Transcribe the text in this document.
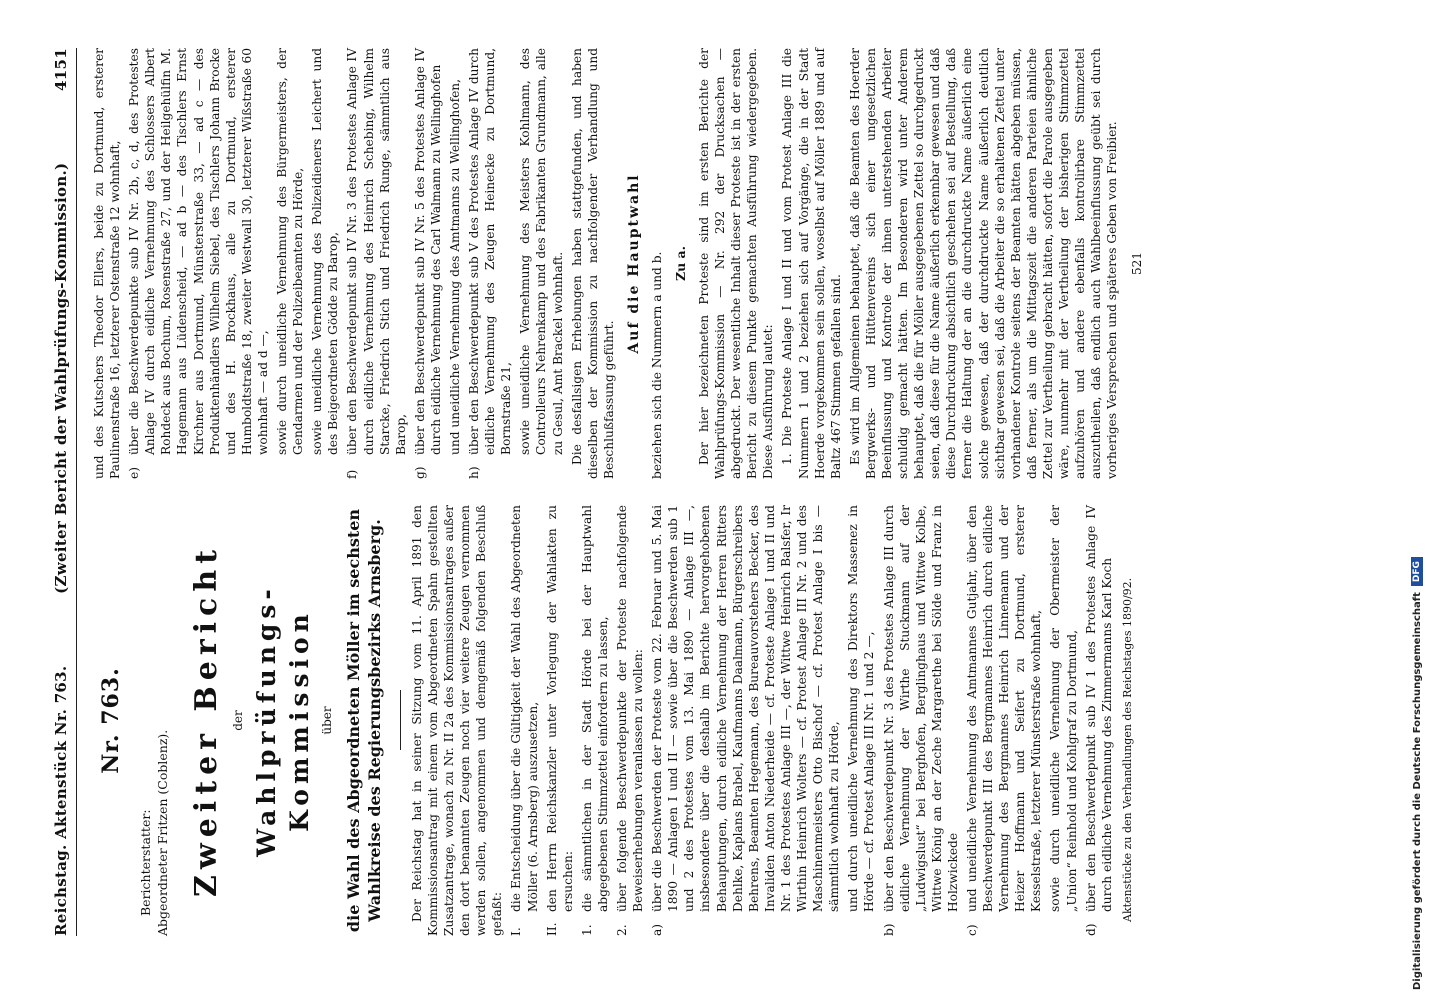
Reichstag. Aktenstück Nr. 763.
(Zweiter Bericht der Wahlprüfungs-Kommission.)
4151
Nr. 763.
Berichterstatter: Abgeordneter Fritzen (Coblenz). Zweiter Bericht der Wahlprüfungs-Kommission über die Wahl des Abgeordneten Möller im sechsten Wahlkreise des Regierungsbezirks Arnsberg. Der Reichstag hat in seiner Sitzung vom 11. April 1891 den Kommissionsantrag mit einem vom Abgeordneten Spahn gestellten Zusatzantrage, wonach zu Nr. II 2a des Kommissionsantrages außer den dort benannten Zeugen noch vier weitere Zeugen vernommen werden sollen, angenommen und demgemäß folgenden Beschluß gefaßt: I.
die Entscheidung über die Gültigkeit der Wahl des Abgeordneten Möller (6. Arnsberg) auszusetzen,
II.
den Herrn Reichskanzler unter Vorlegung der Wahlakten zu ersuchen:
1.
die sämmtlichen in der Stadt Hörde bei der Hauptwahl abgegebenen Stimmzettel einfordern zu lassen,
2.
über folgende Beschwerdepunkte der Proteste nachfolgende Beweiserhebungen veranlassen zu wollen:
a)
über die Beschwerden der Proteste vom 22. Februar und 5. Mai 1890 — Anlagen I und II — sowie über die Beschwerden sub 1 und 2 des Protestes vom 13. Mai 1890 — Anlage III —, insbesondere über die deshalb im Berichte hervorgehobenen Behauptungen, durch eidliche Vernehmung der Herren Ritters Dehlke, Kaplans Brabel, Kaufmanns Daalmann, Bürgerschreibers Behrens, Beamten Hegemann, des Bureauvorstehers Becker, des Invaliden Anton Niederheide — cf. Proteste Anlage I und II und Nr. 1 des Protestes Anlage III —, der Wittwe Heinrich Balsfer, Ir Wirthin Heinrich Wolters — cf. Protest Anlage III Nr. 2 und des Maschinenmeisters Otto Bischof — cf. Protest Anlage I bis — sämmtlich wohnhaft zu Hörde, und durch uneidliche Vernehmung des Direktors Massenez in Hörde — cf. Protest Anlage III Nr. 1 und 2 —,
b)
über den Beschwerdepunkt Nr. 3 des Protestes Anlage III durch eidliche Vernehmung der Wirthe Stuckmann auf der „Ludwigslust“ bei Berghofen, Berglinghaus und Wittwe Kolbe, Wittwe König an der Zeche Margarethe bei Sölde und Franz in Holzwickede
c)
und uneidliche Vernehmung des Amtmannes Gutjahr, über den Beschwerdepunkt III des Bergmannes Heinrich durch eidliche Vernehmung des Bergmannes Heinrich Linnemann und der Heizer Hoffmann und Seifert zu Dortmund, ersterer Kesselstraße, letzterer Münsterstraße wohnhaft, sowie durch uneidliche Vernehmung der Obermeister der „Union“ Reinhold und Kohlgraf zu Dortmund,
d)
über den Beschwerdepunkt sub IV 1 des Protestes Anlage IV durch eidliche Vernehmung des Zimmermanns Karl Koch Aktenstücke zu den Verhandlungen des Reichstages 1890/92.

und des Kutschers Theodor Ellers, beide zu Dortmund, ersterer Paulinenstraße 16, letzterer Ostenstraße 12 wohnhaft, e)
über die Beschwerdepunkte sub IV Nr. 2b, c, d, des Protestes Anlage IV durch eidliche Vernehmung des Schlossers Albert Rohdeck aus Bochum, Rosenstraße 27, und der Heilgehülfin M. Hagemann aus Lüdenscheid, — ad b — des Tischlers Ernst Kirchner aus Dortmund, Münsterstraße 33, — ad c — des Produktenhändlers Wilhelm Siebel, des Tischlers Johann Brocke und des H. Brockhaus, alle zu Dortmund, ersterer Humboldtstraße 18, zweiter Westwall 30, letzterer Wißstraße 60 wohnhaft — ad d —, sowie durch uneidliche Vernehmung des Bürgermeisters, der Gendarmen und der Polizeibeamten zu Hörde, sowie uneidliche Vernehmung des Polizeidieners Leichert und des Beigeordneten Gödde zu Barop,
f)
über den Beschwerdepunkt sub IV Nr. 3 des Protestes Anlage IV durch eidliche Vernehmung des Heinrich Schebing, Wilhelm Starcke, Friedrich Stich und Friedrich Runge, sämmtlich aus Barop,
g)
über den Beschwerdepunkt sub IV Nr. 5 des Protestes Anlage IV durch eidliche Vernehmung des Carl Walmann zu Wellinghofen und uneidliche Vernehmung des Amtmanns zu Wellinghofen,
h)
über den Beschwerdepunkt sub V des Protestes Anlage IV durch eidliche Vernehmung des Zeugen Heinecke zu Dortmund, Bornstraße 21, sowie uneidliche Vernehmung des Meisters Kohlmann, des Controlleurs Nehrenkamp und des Fabrikanten Grundmann, alle zu Gesul, Amt Brackel wohnhaft. Die desfallsigen Erhebungen haben stattgefunden, und haben dieselben der Kommission zu nachfolgender Verhandlung und Beschlußfassung geführt.

Auf die Hauptwahl beziehen sich die Nummern a und b. Zu a. Der hier bezeichneten Proteste sind im ersten Berichte der Wahlprüfungs-Kommission — Nr. 292 der Drucksachen — abgedruckt. Der wesentliche Inhalt dieser Proteste ist in der ersten Bericht zu diesem Punkte gemachten Ausführung wiedergegeben. Diese Ausführung lautet: 1. Die Proteste Anlage I und II und vom Protest Anlage III die Nummern 1 und 2 beziehen sich auf Vorgänge, die in der Stadt Hoerde vorgekommen sein sollen, woselbst auf Möller 1889 und auf Baltz 467 Stimmen gefallen sind. Es wird im Allgemeinen behauptet, daß die Beamten des Hoerder Bergwerks- und Hüttenvereins sich einer ungesetzlichen Beeinflussung und Kontrole der ihnen unterstehenden Arbeiter schuldig gemacht hätten. Im Besonderen wird unter Anderem behauptet, daß die für Möller ausgegebenen Zettel so durchgedruckt seien, daß diese für die Name äußerlich erkennbar gewesen und daß diese Durchdruckung absichtlich geschehen sei auf Bestellung, daß ferner die Haltung der an die durchdruckte Name äußerlich eine solche gewesen, daß der durchdruckte Name äußerlich deutlich sichtbar gewesen sei, daß die Arbeiter die so erhaltenen Zettel unter vorhandener Kontrole seitens der Beamten hätten abgeben müssen, daß ferner, als um die Mittagszeit die anderen Parteien ähnliche Zettel zur Vertheilung gebracht hätten, sofort die Parole ausgegeben wäre, nunmehr mit der Vertheilung der bisherigen Stimmzettel aufzuhören und andere ebenfalls kontrolirbare Stimmzettel auszutheilen, daß endlich auch Wahlbeeinflussung geübt sei durch vorheriges Versprechen und späteres Geben von Freibier. 521
Digitalisierung gefördert durch die Deutsche Forschungsgemeinschaft
DFG
